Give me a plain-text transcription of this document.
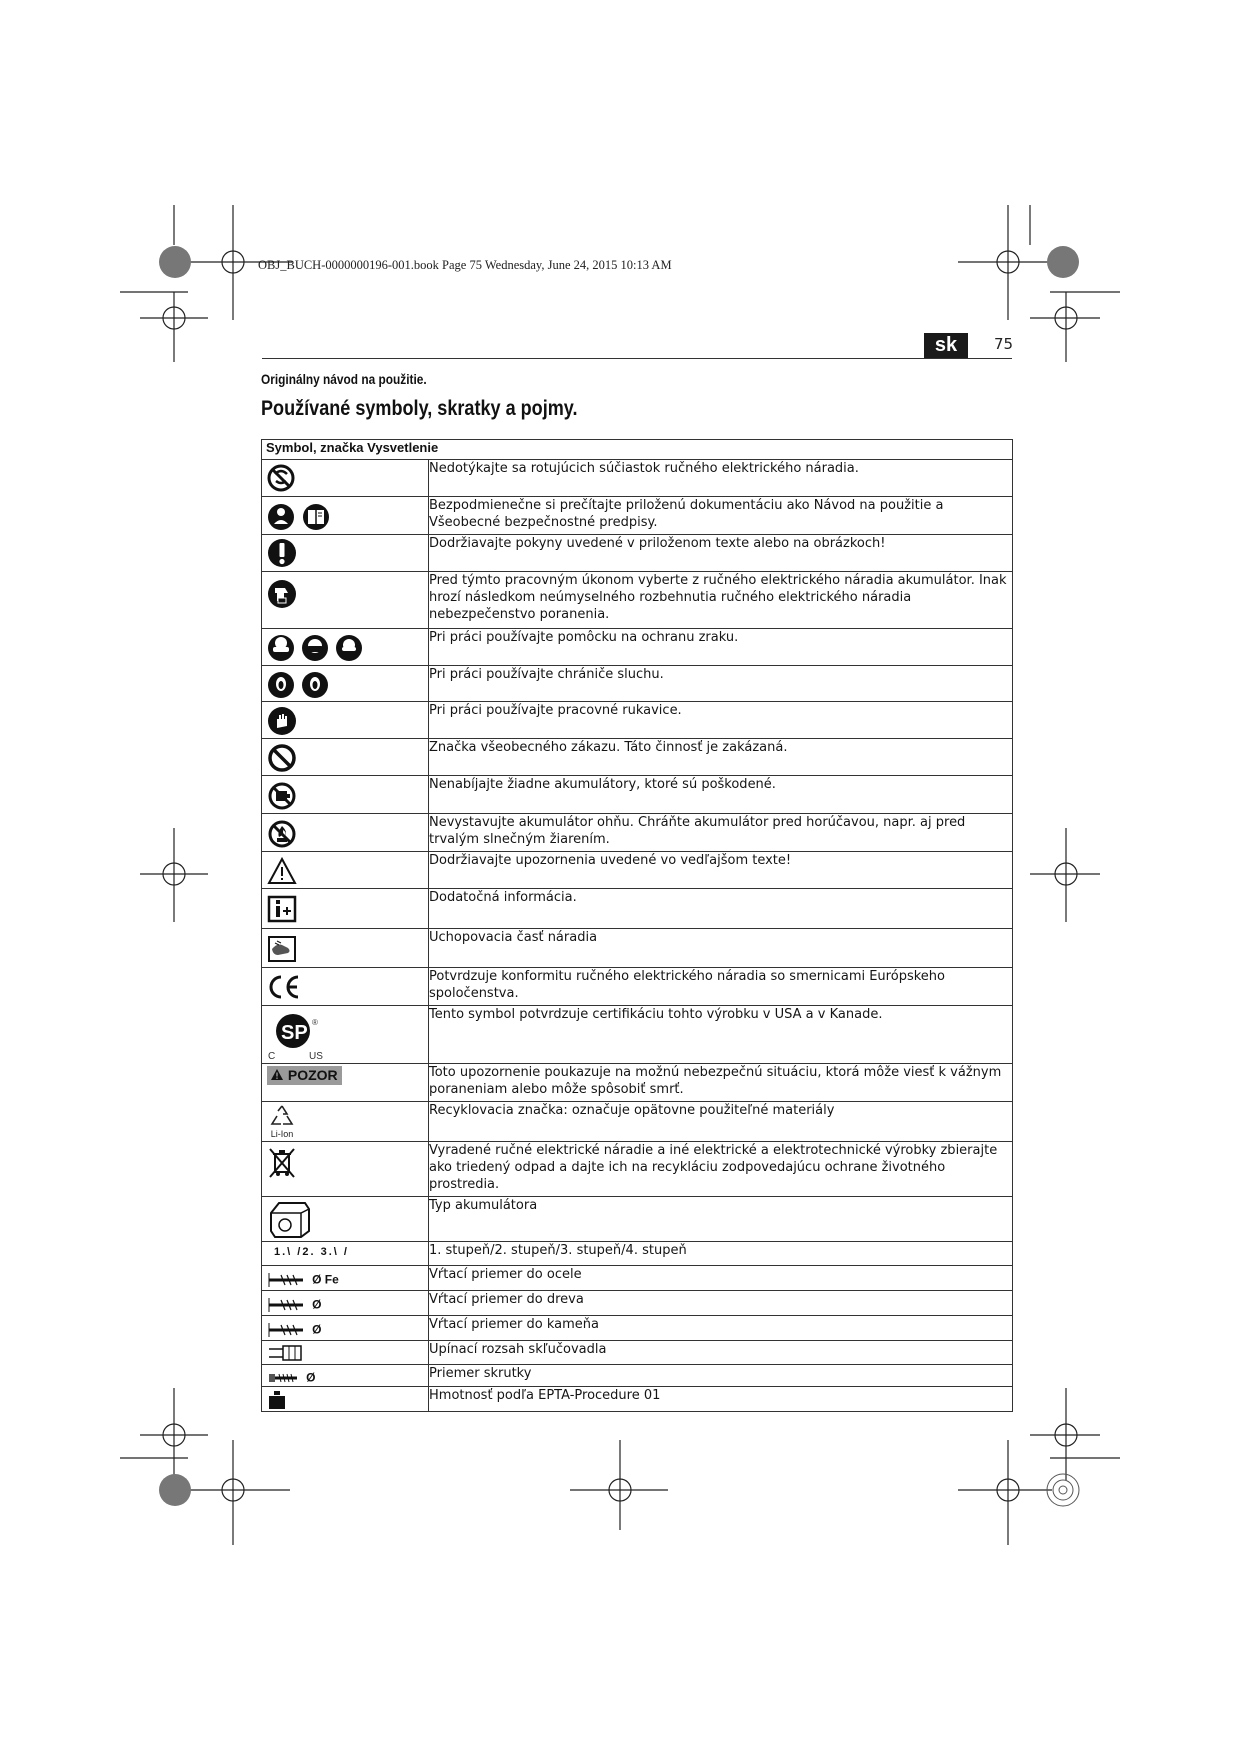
OBJ_BUCH-0000000196-001.book Page 75 Wednesday, June 24, 2015 10:13 AM
sk	75
Originálny návod na použitie.
Používané symboly, skratky a pojmy.
Symbol, značka Vysvetlenie	

	Nedotýkajte sa rotujúcich súčiastok ručného elektrického náradia.

	Bezpodmienečne si prečítajte priloženú dokumentáciu ako Návod na použitie a Všeobecné bezpečnostné predpisy.

	Dodržiavajte pokyny uvedené v priloženom texte alebo na obrázkoch!

	Pred týmto pracovným úkonom vyberte z ručného elektrického náradia akumulátor. Inak hrozí následkom neúmyselného rozbehnutia ručného elektrického náradia nebezpečenstvo poranenia.

	Pri práci používajte pomôcku na ochranu zraku.

	Pri práci používajte chrániče sluchu.

	Pri práci používajte pracovné rukavice.

	Značka všeobecného zákazu. Táto činnosť je zakázaná.

	Nenabíjajte žiadne akumulátory, ktoré sú poškodené.

	Nevystavujte akumulátor ohňu. Chráňte akumulátor pred horúčavou, napr. aj pred trvalým slnečným žiarením.

	Dodržiavajte upozornenia uvedené vo vedľajšom texte!

	Dodatočná informácia.

	Uchopovacia časť náradia

	Potvrdzuje konformitu ručného elektrického náradia so smernicami Európskeho spoločenstva.

SP
C US
®	Tento symbol potvrdzuje certifikáciu tohto výrobku v USA a v Kanade.
POZOR	Toto upozornenie poukazuje na možnú nebezpečnú situáciu, ktorá môže viesť k vážnym poraneniam alebo môže spôsobiť smrť.

Li-Ion	Recyklovacia značka: označuje opätovne použiteľné materiály

	Vyradené ručné elektrické náradie a iné elektrické a elektrotechnické výrobky zbierajte ako triedený odpad a dajte ich na recykláciu zodpovedajúcu ochrane životného prostredia.

	Typ akumulátora
1.\ /2. 3.\ /	1. stupeň/2. stupeň/3. stupeň/4. stupeň
Ø Fe	Vŕtací priemer do ocele
Ø	Vŕtací priemer do dreva
Ø	Vŕtací priemer do kameňa

	Upínací rozsah skľučovadla
Ø	Priemer skrutky

	Hmotnosť podľa EPTA-Procedure 01
